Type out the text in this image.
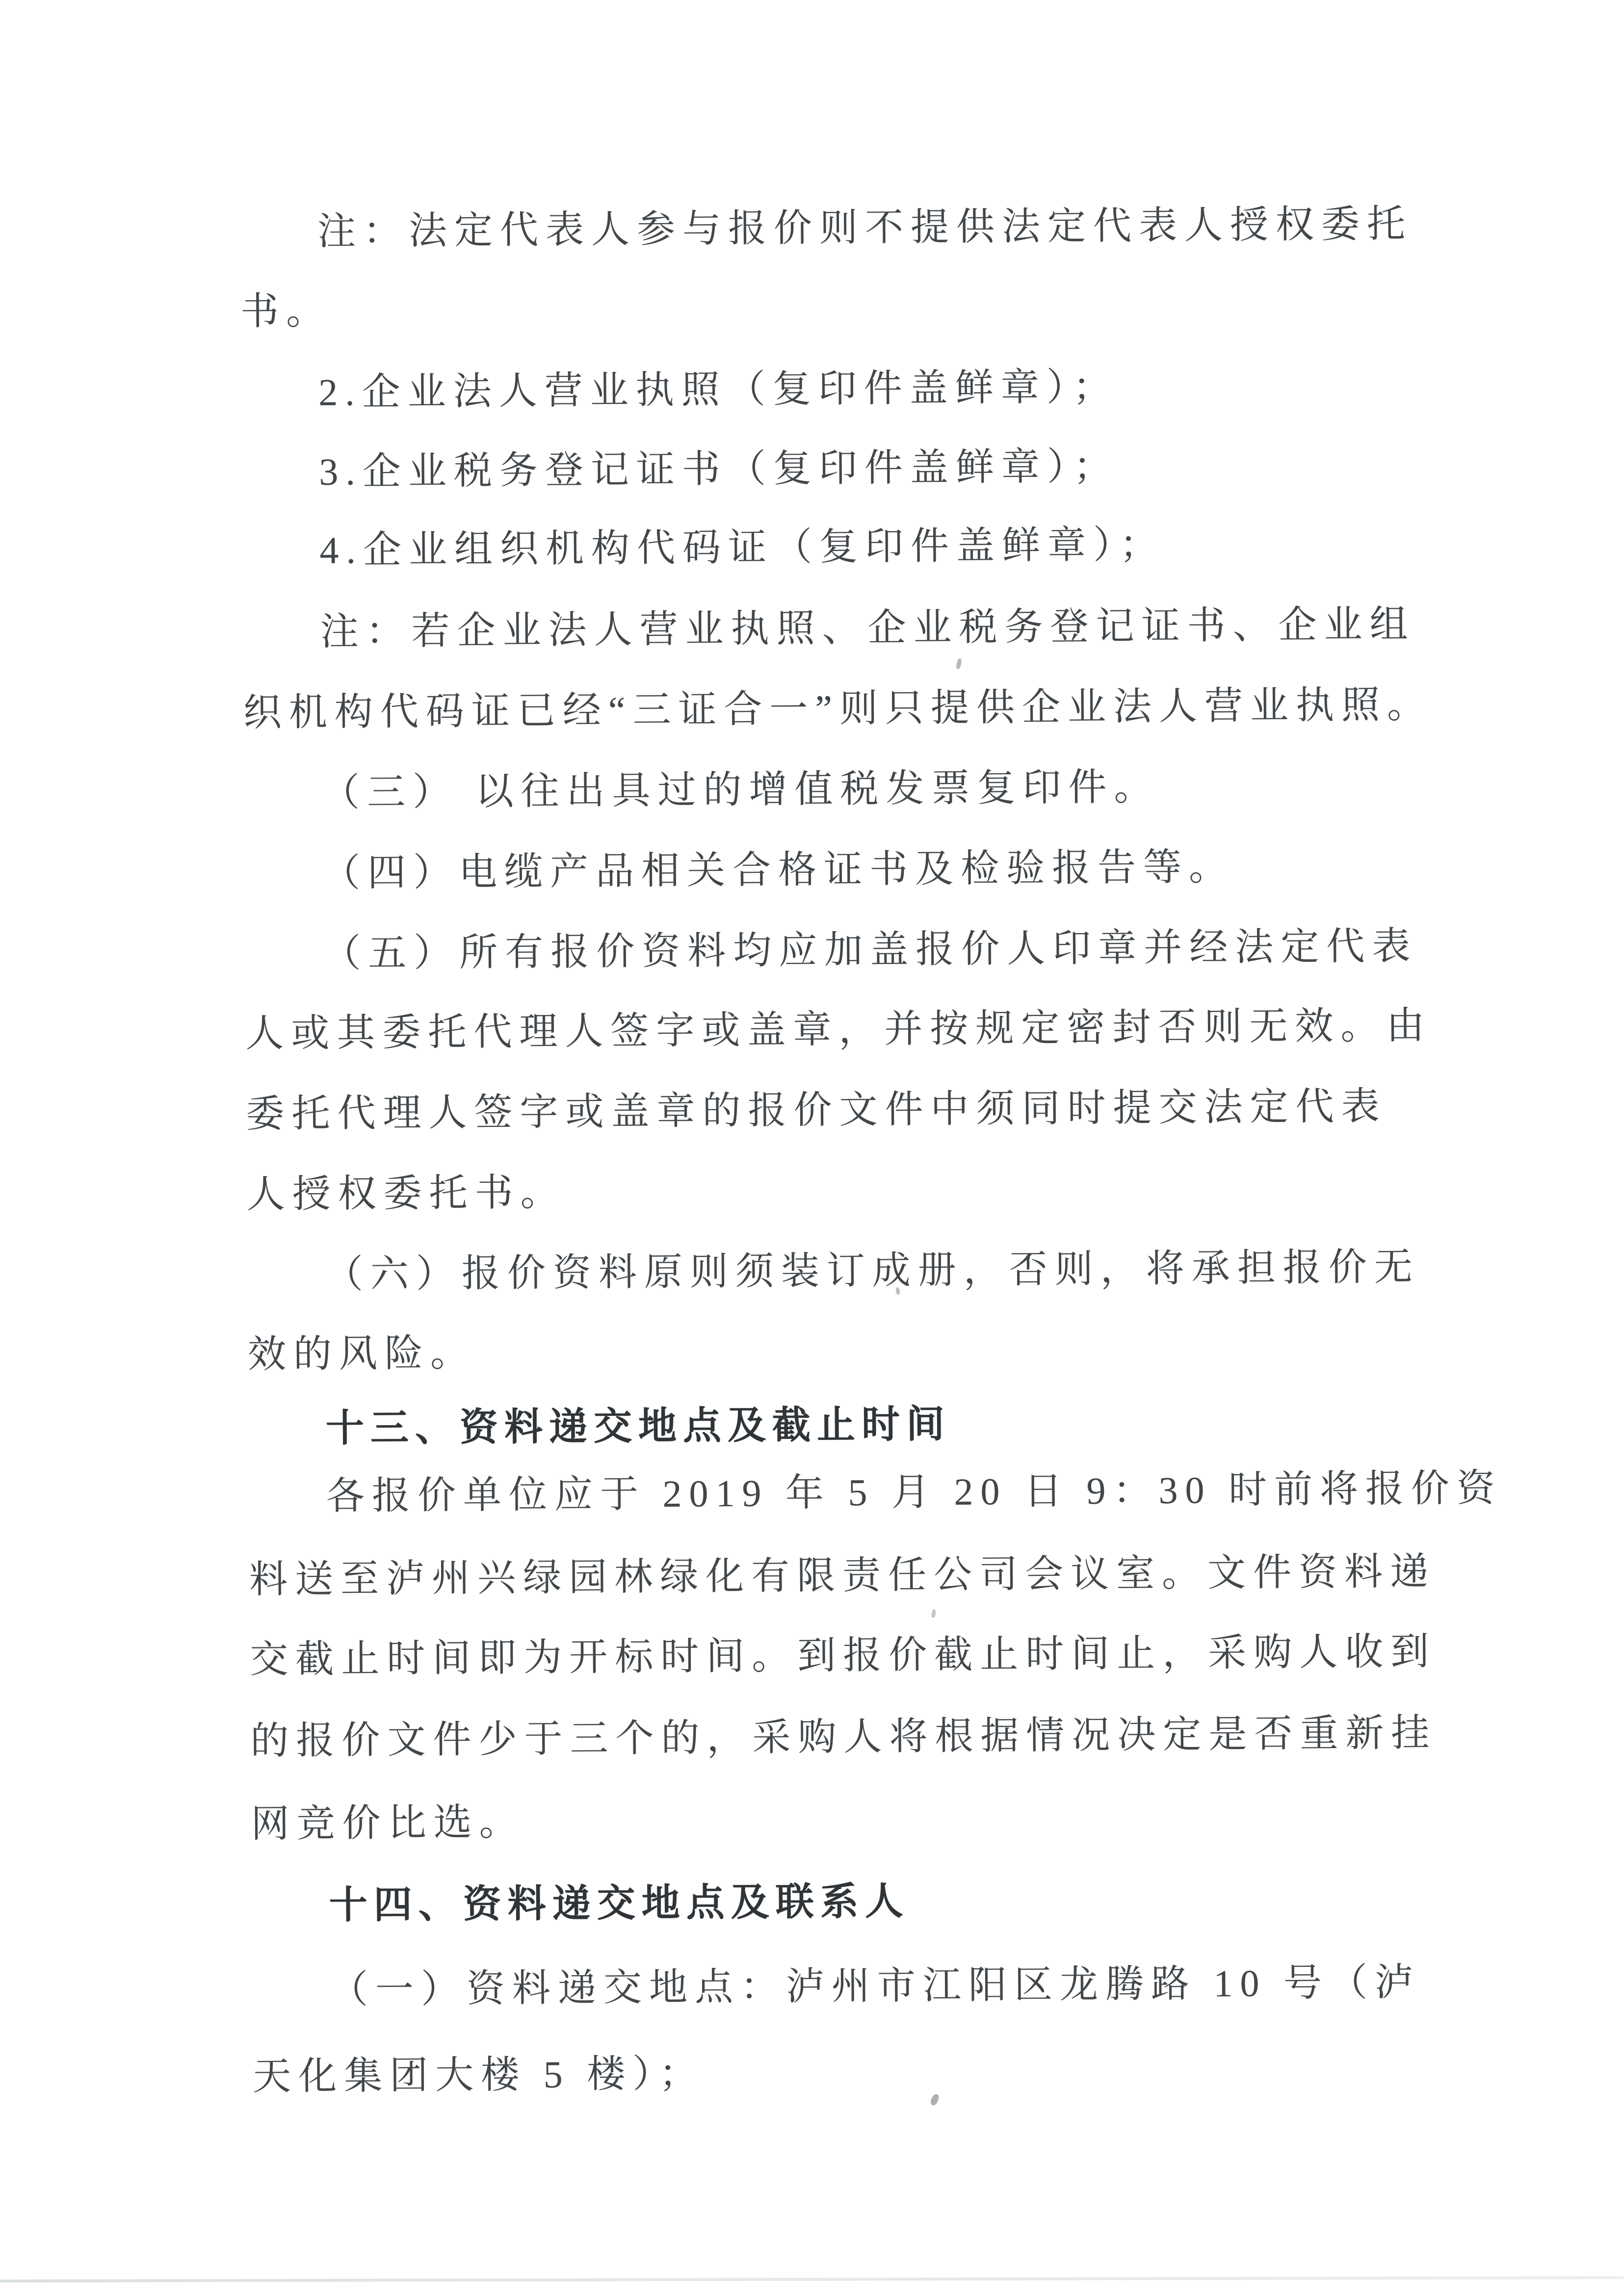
注：法定代表人参与报价则不提供法定代表人授权委托
书。
2.企业法人营业执照（复印件盖鲜章）；
3.企业税务登记证书（复印件盖鲜章）；
4.企业组织机构代码证（复印件盖鲜章）；
注：若企业法人营业执照、企业税务登记证书、企业组
织机构代码证已经“三证合一”则只提供企业法人营业执照。
（三） 以往出具过的增值税发票复印件。
（四）电缆产品相关合格证书及检验报告等。
（五）所有报价资料均应加盖报价人印章并经法定代表
人或其委托代理人签字或盖章，并按规定密封否则无效。由
委托代理人签字或盖章的报价文件中须同时提交法定代表
人授权委托书。
（六）报价资料原则须装订成册，否则，将承担报价无
效的风险。
十三、资料递交地点及截止时间
各报价单位应于 2019 年 5 月 20 日 9：30 时前将报价资
料送至泸州兴绿园林绿化有限责任公司会议室。文件资料递
交截止时间即为开标时间。到报价截止时间止，采购人收到
的报价文件少于三个的，采购人将根据情况决定是否重新挂
网竞价比选。
十四、资料递交地点及联系人
（一）资料递交地点：泸州市江阳区龙腾路 10 号（泸
天化集团大楼 5 楼）；
